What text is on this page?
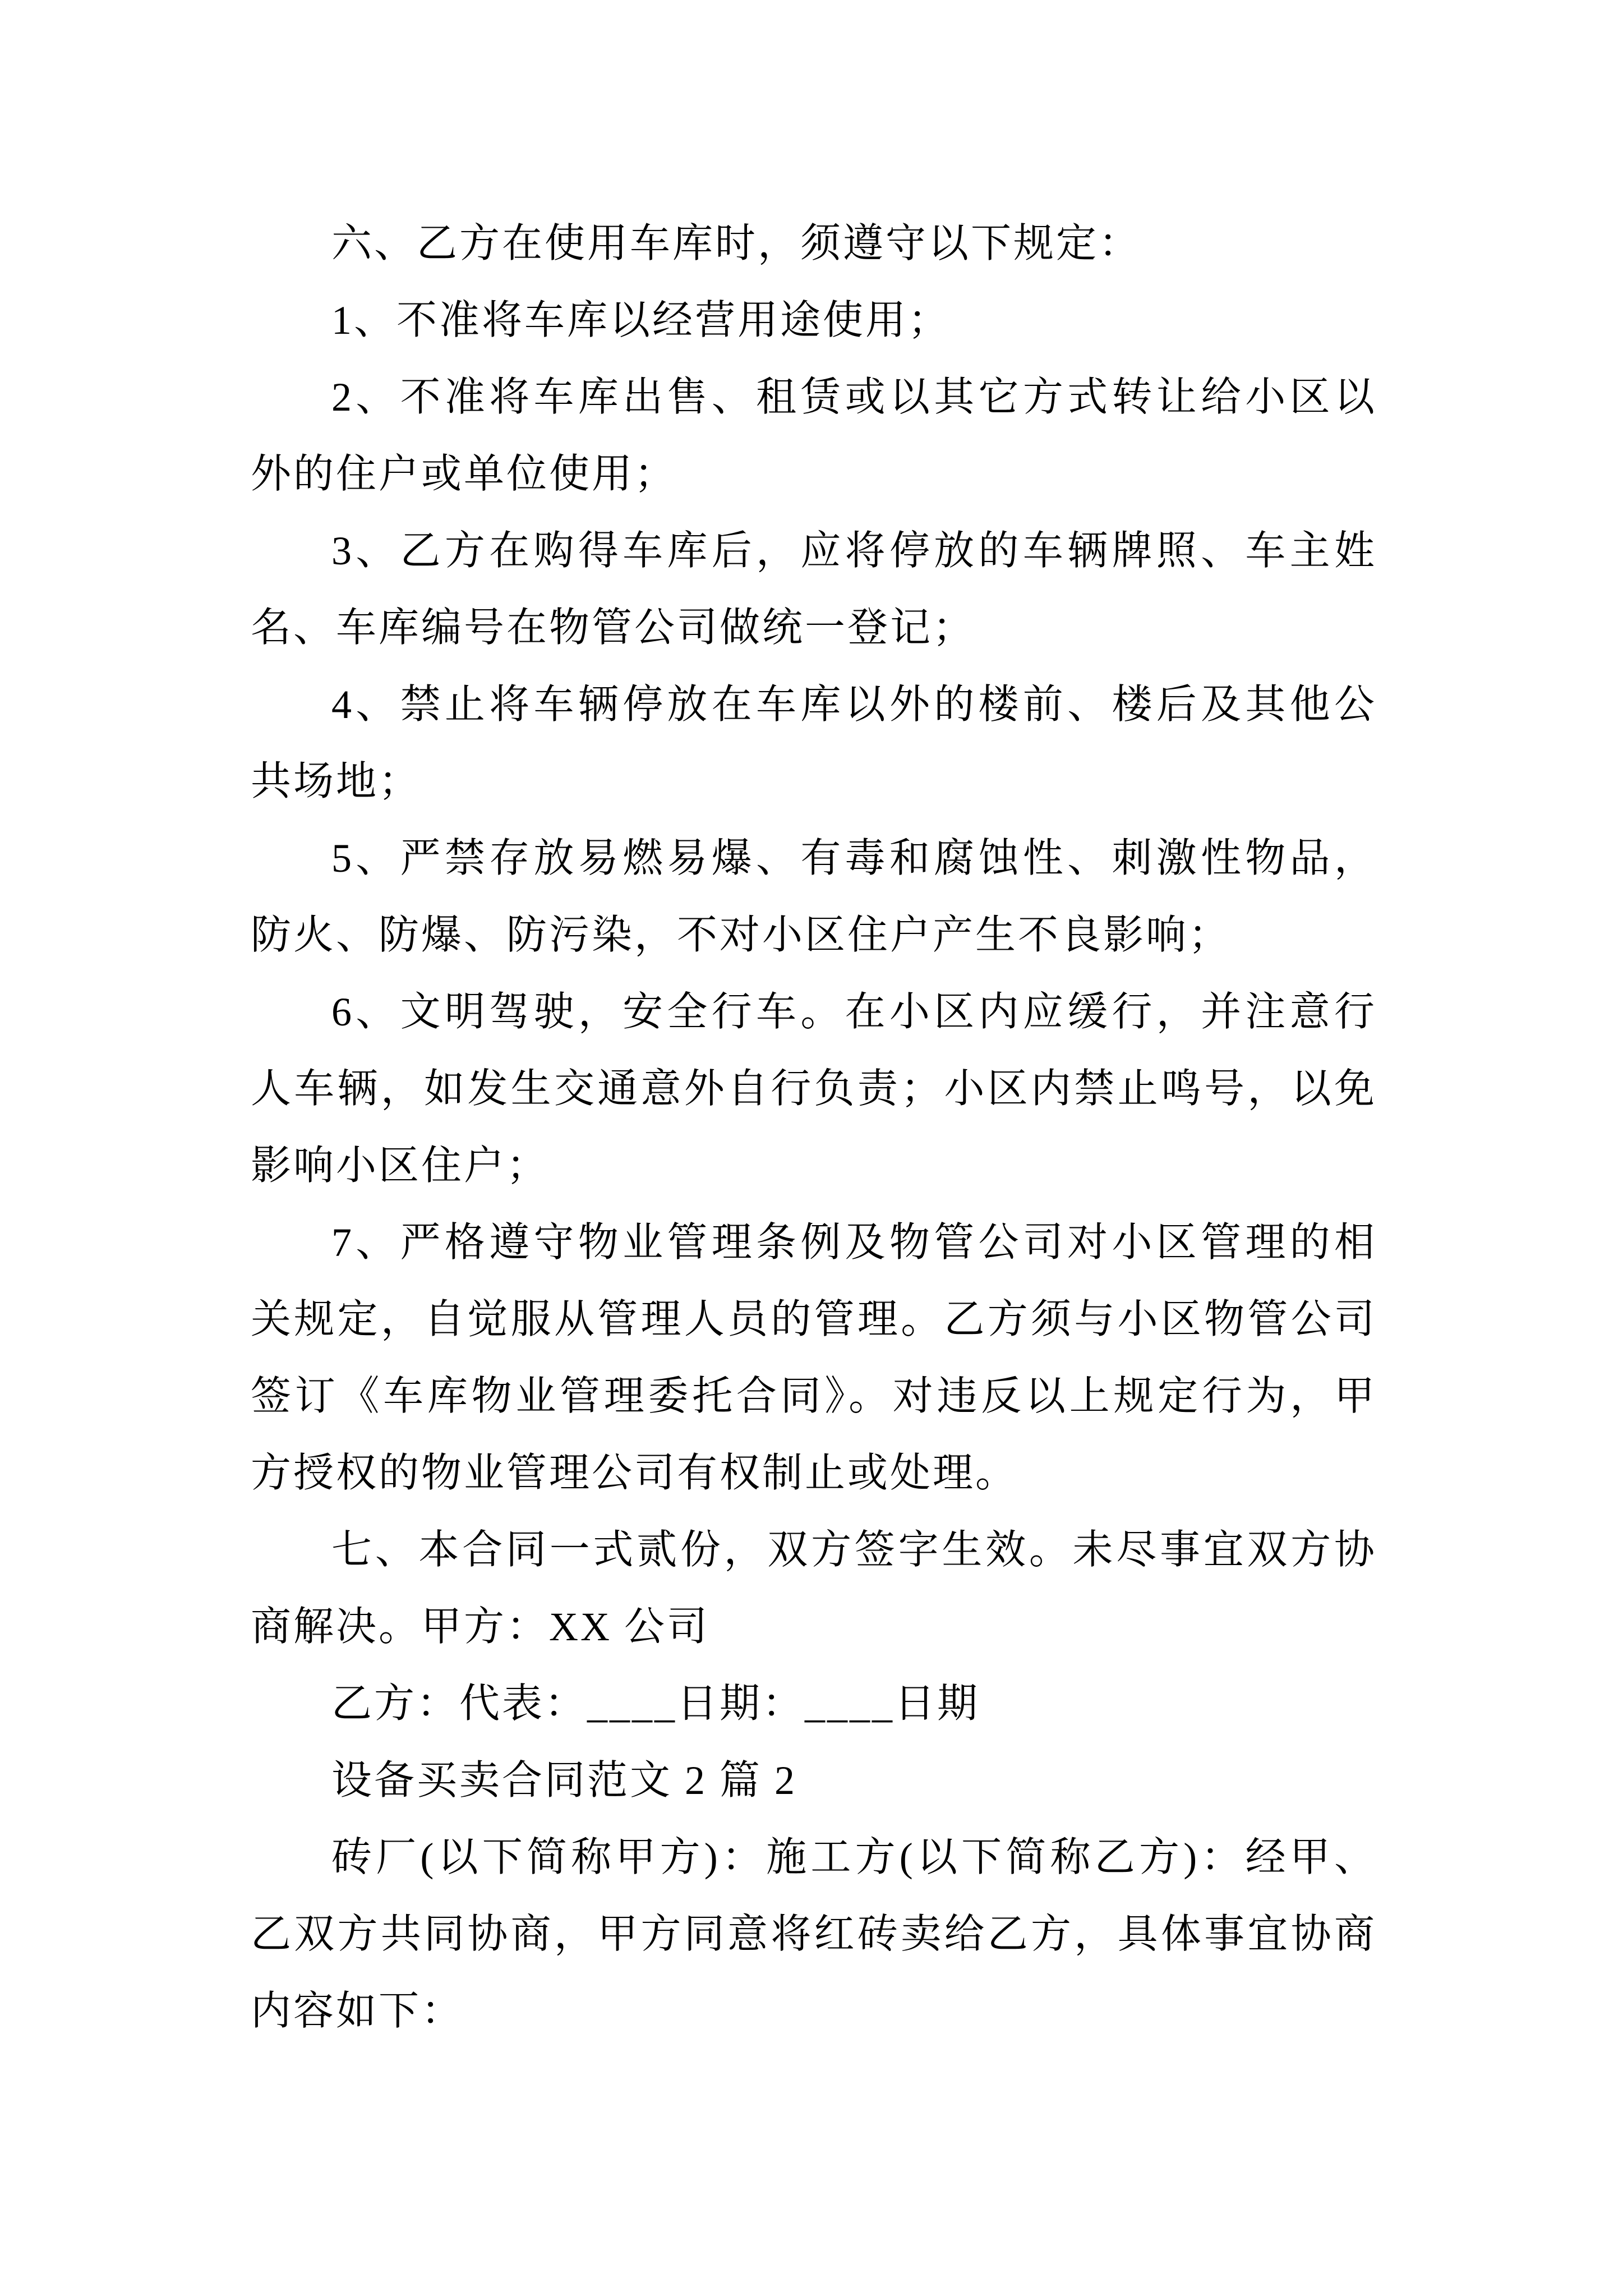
六、乙方在使用车库时，须遵守以下规定：
1、不准将车库以经营用途使用；
2、不准将车库出售、租赁或以其它方式转让给小区以
外的住户或单位使用；
3、乙方在购得车库后，应将停放的车辆牌照、车主姓
名、车库编号在物管公司做统一登记；
4、禁止将车辆停放在车库以外的楼前、楼后及其他公
共场地；
5、严禁存放易燃易爆、有毒和腐蚀性、刺激性物品，
防火、防爆、防污染，不对小区住户产生不良影响；
6、文明驾驶，安全行车。在小区内应缓行，并注意行
人车辆，如发生交通意外自行负责；小区内禁止鸣号，以免
影响小区住户；
7、严格遵守物业管理条例及物管公司对小区管理的相
关规定，自觉服从管理人员的管理。乙方须与小区物管公司
签订《车库物业管理委托合同》。对违反以上规定行为，甲
方授权的物业管理公司有权制止或处理。
七、本合同一式贰份，双方签字生效。未尽事宜双方协
商解决。甲方：XX 公司
乙方：代表：____日期：____日期
设备买卖合同范文 2 篇 2
砖厂(以下简称甲方)：施工方(以下简称乙方)：经甲、
乙双方共同协商，甲方同意将红砖卖给乙方，具体事宜协商
内容如下：
